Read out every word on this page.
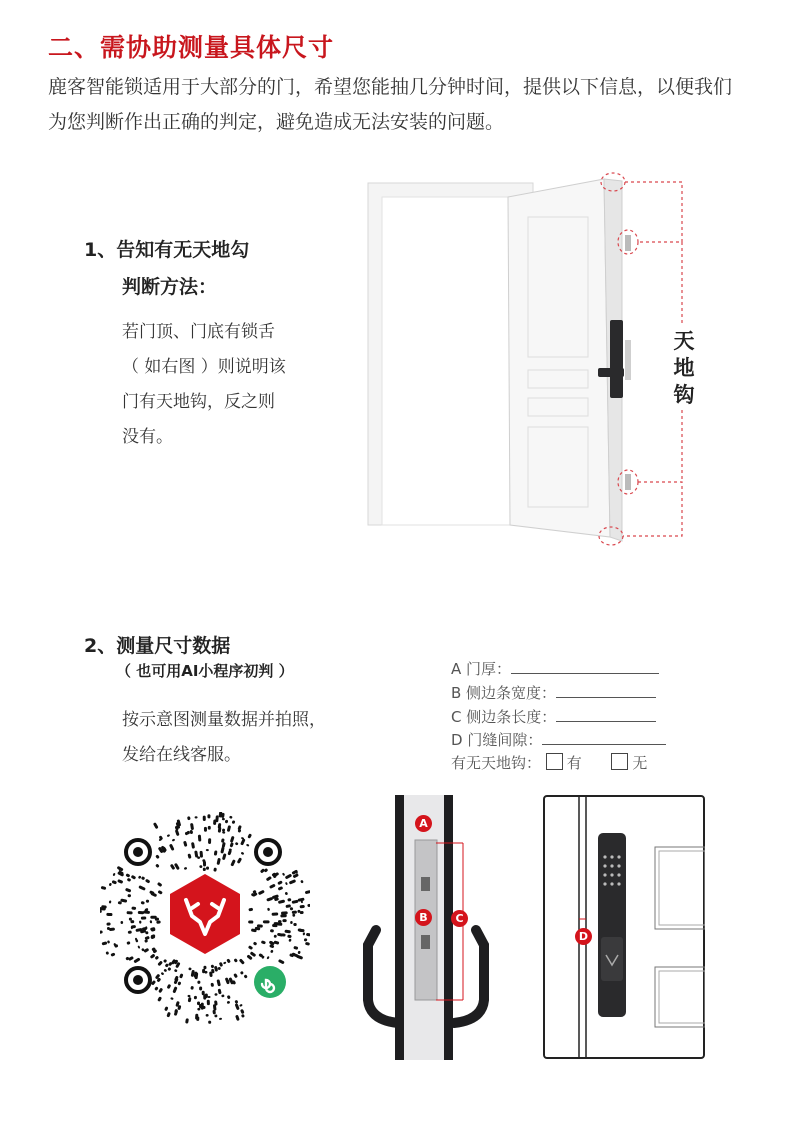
二、需协助测量具体尺寸
鹿客智能锁适用于大部分的门，希望您能抽几分钟时间，提供以下信息，以便我们为您判断作出正确的判定，避免造成无法安装的问题。
1、告知有无天地勾
判断方法：
若门顶、门底有锁舌
（ 如右图 ）则说明该
门有天地钩，反之则
没有。
天
地
钩
2、测量尺寸数据
（ 也可用AI小程序初判 ）
按示意图测量数据并拍照，
发给在线客服。
A 门厚：
B 侧边条宽度：
C 侧边条长度：
D 门缝间隙：
有无天地钩： 有	无
A
B	C
D
